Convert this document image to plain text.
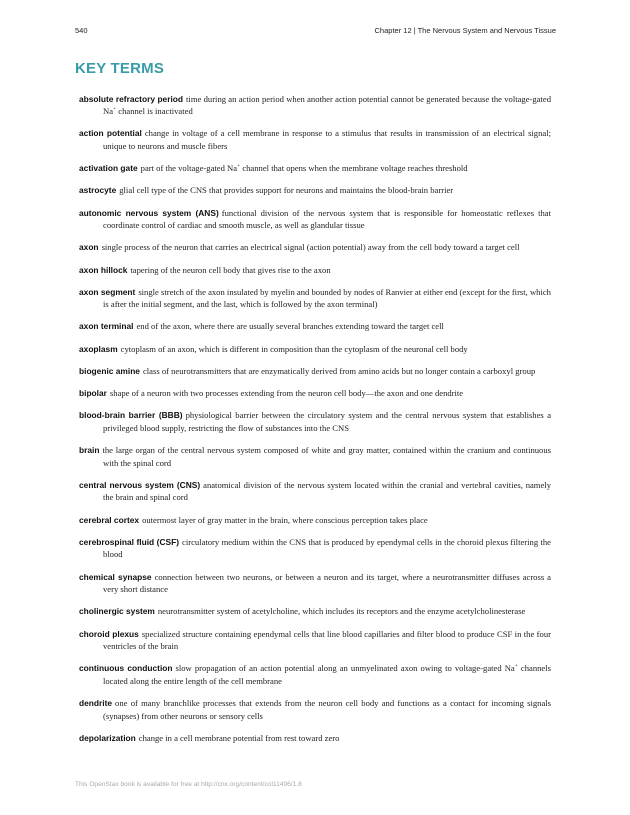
540	Chapter 12 | The Nervous System and Nervous Tissue
KEY TERMS

absolute refractory period time during an action period when another action potential cannot be generated because the voltage-gated Na+ channel is inactivated

action potential change in voltage of a cell membrane in response to a stimulus that results in transmission of an electrical signal; unique to neurons and muscle fibers

activation gate part of the voltage-gated Na+ channel that opens when the membrane voltage reaches threshold

astrocyte glial cell type of the CNS that provides support for neurons and maintains the blood-brain barrier

autonomic nervous system (ANS) functional division of the nervous system that is responsible for homeostatic reflexes that coordinate control of cardiac and smooth muscle, as well as glandular tissue

axon single process of the neuron that carries an electrical signal (action potential) away from the cell body toward a target cell

axon hillock tapering of the neuron cell body that gives rise to the axon

axon segment single stretch of the axon insulated by myelin and bounded by nodes of Ranvier at either end (except for the first, which is after the initial segment, and the last, which is followed by the axon terminal)

axon terminal end of the axon, where there are usually several branches extending toward the target cell

axoplasm cytoplasm of an axon, which is different in composition than the cytoplasm of the neuronal cell body

biogenic amine class of neurotransmitters that are enzymatically derived from amino acids but no longer contain a carboxyl group

bipolar shape of a neuron with two processes extending from the neuron cell body—the axon and one dendrite

blood-brain barrier (BBB) physiological barrier between the circulatory system and the central nervous system that establishes a privileged blood supply, restricting the flow of substances into the CNS

brain the large organ of the central nervous system composed of white and gray matter, contained within the cranium and continuous with the spinal cord

central nervous system (CNS) anatomical division of the nervous system located within the cranial and vertebral cavities, namely the brain and spinal cord

cerebral cortex outermost layer of gray matter in the brain, where conscious perception takes place

cerebrospinal fluid (CSF) circulatory medium within the CNS that is produced by ependymal cells in the choroid plexus filtering the blood

chemical synapse connection between two neurons, or between a neuron and its target, where a neurotransmitter diffuses across a very short distance

cholinergic system neurotransmitter system of acetylcholine, which includes its receptors and the enzyme acetylcholinesterase

choroid plexus specialized structure containing ependymal cells that line blood capillaries and filter blood to produce CSF in the four ventricles of the brain

continuous conduction slow propagation of an action potential along an unmyelinated axon owing to voltage-gated Na+ channels located along the entire length of the cell membrane

dendrite one of many branchlike processes that extends from the neuron cell body and functions as a contact for incoming signals (synapses) from other neurons or sensory cells

depolarization change in a cell membrane potential from rest toward zero

This OpenStax book is available for free at http://cnx.org/content/col11496/1.8
